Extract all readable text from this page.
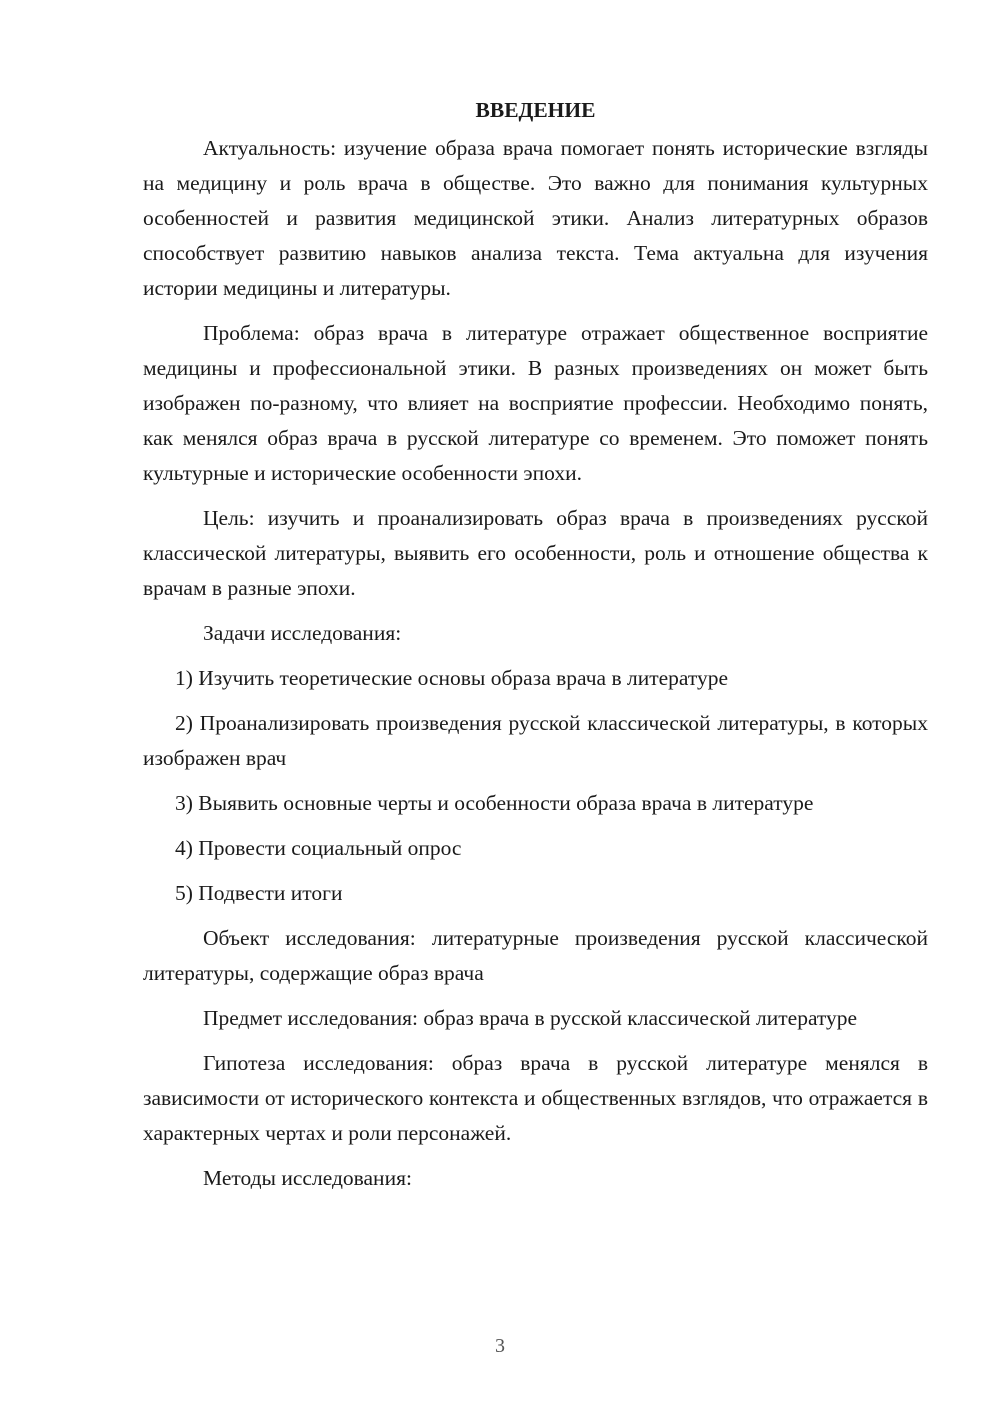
ВВЕДЕНИЕ

Актуальность: изучение образа врача помогает понять исторические взгляды на медицину и роль врача в обществе. Это важно для понимания культурных особенностей и развития медицинской этики. Анализ литературных образов способствует развитию навыков анализа текста. Тема актуальна для изучения истории медицины и литературы.

Проблема: образ врача в литературе отражает общественное восприятие медицины и профессиональной этики. В разных произведениях он может быть изображен по-разному, что влияет на восприятие профессии. Необходимо понять, как менялся образ врача в русской литературе со временем. Это поможет понять культурные и исторические особенности эпохи.

Цель: изучить и проанализировать образ врача в произведениях русской классической литературы, выявить его особенности, роль и отношение общества к врачам в разные эпохи.

Задачи исследования:

1) Изучить теоретические основы образа врача в литературе

2) Проанализировать произведения русской классической литературы, в которых изображен врач

3) Выявить основные черты и особенности образа врача в литературе

4) Провести социальный опрос

5) Подвести итоги

Объект исследования: литературные произведения русской классической литературы, содержащие образ врача

Предмет исследования: образ врача в русской классической литературе

Гипотеза исследования: образ врача в русской литературе менялся в зависимости от исторического контекста и общественных взглядов, что отражается в характерных чертах и роли персонажей.

Методы исследования:

3
